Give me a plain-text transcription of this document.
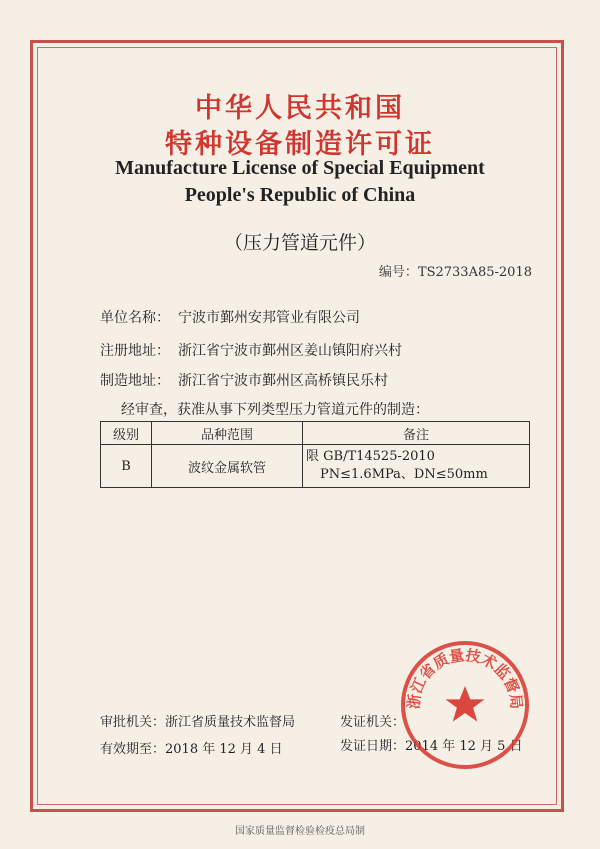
中华人民共和国
特种设备制造许可证
Manufacture License of Special Equipment
People's Republic of China
（压力管道元件）
编号：TS2733A85-2018
单位名称： 宁波市鄞州安邦管业有限公司
注册地址： 浙江省宁波市鄞州区姜山镇阳府兴村
制造地址： 浙江省宁波市鄞州区高桥镇民乐村
经审查，获准从事下列类型压力管道元件的制造：
级别	品种范围	备注
B	波纹金属软管	限 GB/T14525-2010
PN≤1.6MPa、DN≤50mm
审批机关：浙江省质量技术监督局	发证机关：
有效期至：2018 年 12 月 4 日	发证日期：2014 年 12 月 5 日
浙江省质量技术监督局
国家质量监督检验检疫总局制
